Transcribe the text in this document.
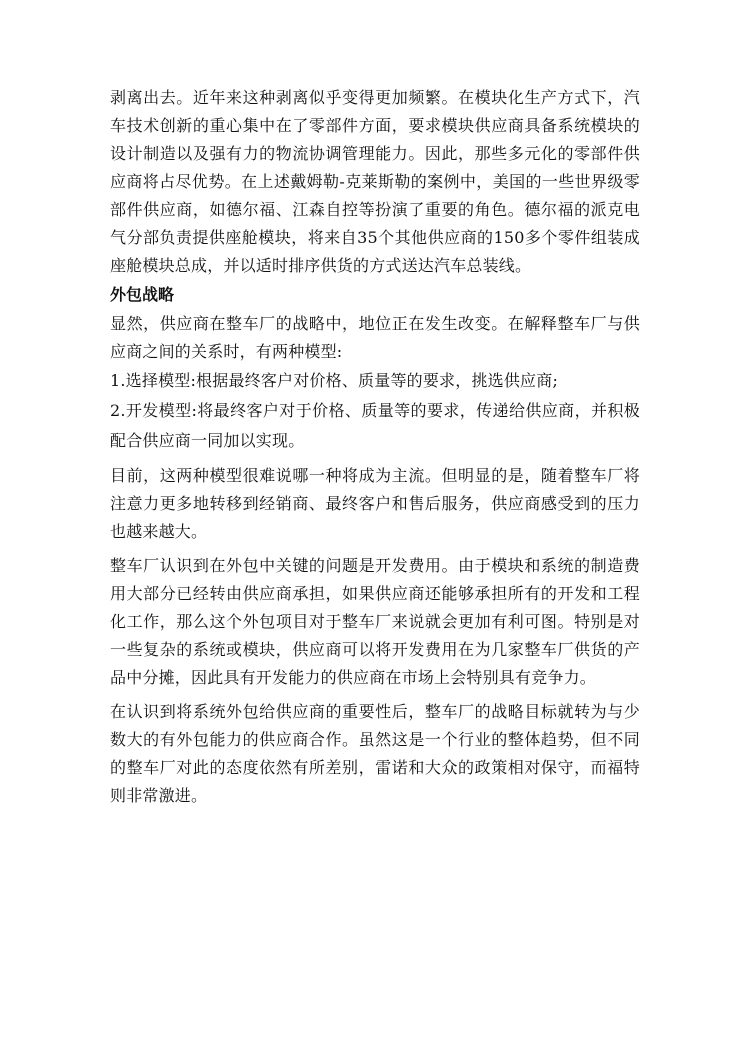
剥离出去。近年来这种剥离似乎变得更加频繁。在模块化生产方式下，汽车技术创新的重心集中在了零部件方面，要求模块供应商具备系统模块的设计制造以及强有力的物流协调管理能力。因此，那些多元化的零部件供应商将占尽优势。在上述戴姆勒-克莱斯勒的案例中，美国的一些世界级零部件供应商，如德尔福、江森自控等扮演了重要的角色。德尔福的派克电气分部负责提供座舱模块，将来自35个其他供应商的150多个零件组装成座舱模块总成，并以适时排序供货的方式送达汽车总装线。

外包战略

显然，供应商在整车厂的战略中，地位正在发生改变。在解释整车厂与供应商之间的关系时，有两种模型:

1.选择模型:根据最终客户对价格、质量等的要求，挑选供应商;

2.开发模型:将最终客户对于价格、质量等的要求，传递给供应商，并积极配合供应商一同加以实现。

目前，这两种模型很难说哪一种将成为主流。但明显的是，随着整车厂将注意力更多地转移到经销商、最终客户和售后服务，供应商感受到的压力也越来越大。

整车厂认识到在外包中关键的问题是开发费用。由于模块和系统的制造费用大部分已经转由供应商承担，如果供应商还能够承担所有的开发和工程化工作，那么这个外包项目对于整车厂来说就会更加有利可图。特别是对一些复杂的系统或模块，供应商可以将开发费用在为几家整车厂供货的产品中分摊，因此具有开发能力的供应商在市场上会特别具有竞争力。

在认识到将系统外包给供应商的重要性后，整车厂的战略目标就转为与少数大的有外包能力的供应商合作。虽然这是一个行业的整体趋势，但不同的整车厂对此的态度依然有所差别，雷诺和大众的政策相对保守，而福特则非常激进。
